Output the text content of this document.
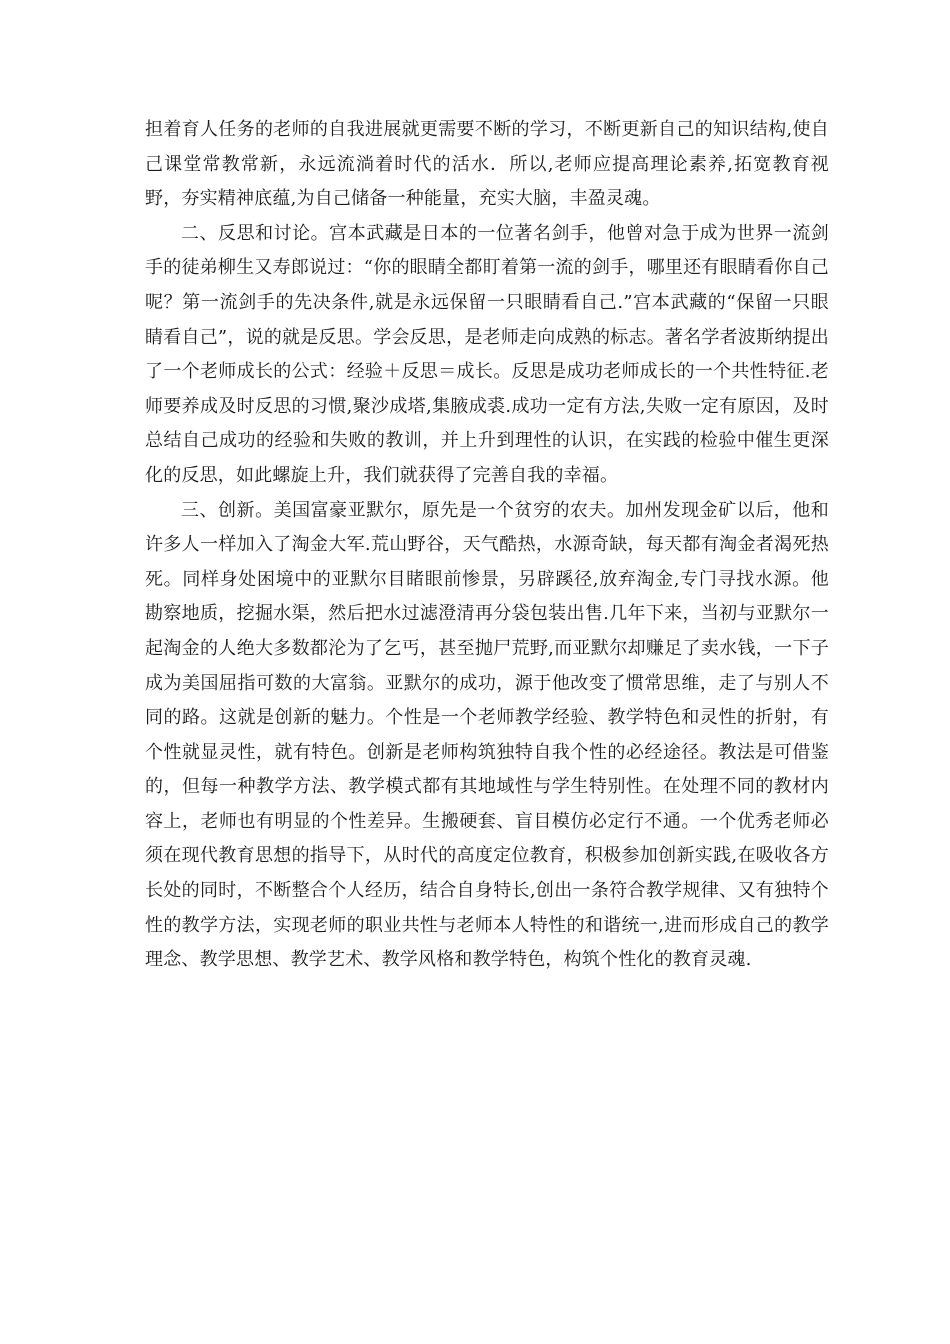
担着育人任务的老师的自我进展就更需要不断的学习，不断更新自己的知识结构,使自己课堂常教常新，永远流淌着时代的活水．所以,老师应提高理论素养,拓宽教育视野，夯实精神底蕴,为自己储备一种能量，充实大脑，丰盈灵魂。

二、反思和讨论。宫本武藏是日本的一位著名剑手，他曾对急于成为世界一流剑手的徒弟柳生又寿郎说过：“你的眼睛全都盯着第一流的剑手，哪里还有眼睛看你自己呢？第一流剑手的先决条件,就是永远保留一只眼睛看自己.”宫本武藏的“保留一只眼睛看自己”，说的就是反思。学会反思，是老师走向成熟的标志。著名学者波斯纳提出了一个老师成长的公式：经验＋反思＝成长。反思是成功老师成长的一个共性特征.老师要养成及时反思的习惯,聚沙成塔,集腋成裘.成功一定有方法,失败一定有原因，及时总结自己成功的经验和失败的教训，并上升到理性的认识，在实践的检验中催生更深化的反思，如此螺旋上升，我们就获得了完善自我的幸福。

三、创新。美国富豪亚默尔，原先是一个贫穷的农夫。加州发现金矿以后，他和许多人一样加入了淘金大军.荒山野谷，天气酷热，水源奇缺，每天都有淘金者渴死热死。同样身处困境中的亚默尔目睹眼前惨景，另辟蹊径,放弃淘金,专门寻找水源。他勘察地质，挖掘水渠，然后把水过滤澄清再分袋包装出售.几年下来，当初与亚默尔一起淘金的人绝大多数都沦为了乞丐，甚至抛尸荒野,而亚默尔却赚足了卖水钱，一下子成为美国屈指可数的大富翁。亚默尔的成功，源于他改变了惯常思维，走了与别人不同的路。这就是创新的魅力。个性是一个老师教学经验、教学特色和灵性的折射，有个性就显灵性，就有特色。创新是老师构筑独特自我个性的必经途径。教法是可借鉴的，但每一种教学方法、教学模式都有其地域性与学生特别性。在处理不同的教材内容上，老师也有明显的个性差异。生搬硬套、盲目模仿必定行不通。一个优秀老师必须在现代教育思想的指导下，从时代的高度定位教育，积极参加创新实践,在吸收各方长处的同时，不断整合个人经历，结合自身特长,创出一条符合教学规律、又有独特个性的教学方法，实现老师的职业共性与老师本人特性的和谐统一,进而形成自己的教学理念、教学思想、教学艺术、教学风格和教学特色，构筑个性化的教育灵魂.
